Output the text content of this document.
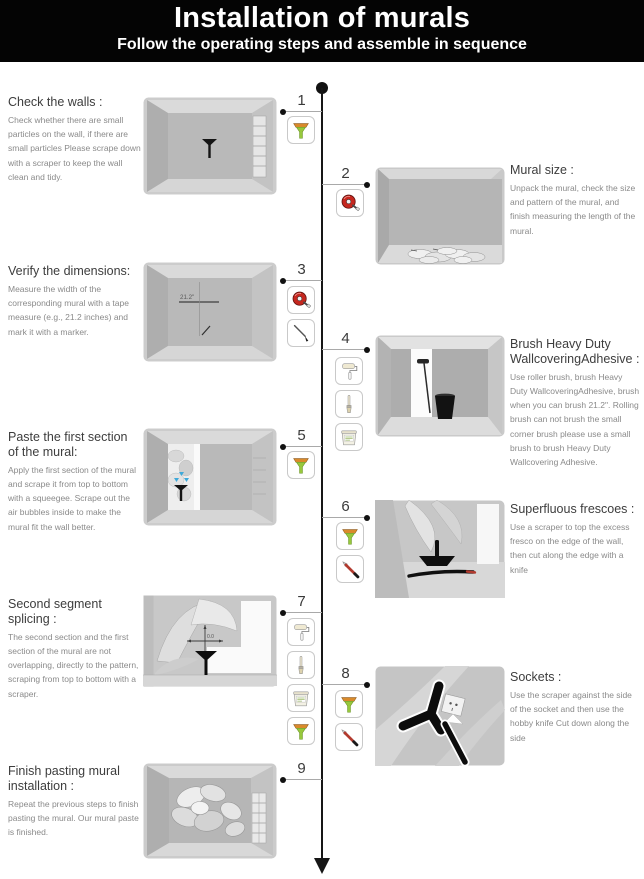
Installation of murals
Follow the operating steps and assemble in sequence
Check the walls :

Check whether there are small particles on the wall, if there are small particles Please scrape down with a scraper to keep the wall clean and tidy.

1
Mural size :

Unpack the mural, check the size and pattern of the mural, and finish measuring the length of the mural.

2
Verify the dimensions:

Measure the width of the corresponding mural with a tape measure (e.g., 21.2 inches) and mark it with a marker.

21.2"
3
Brush Heavy Duty WallcoveringAdhesive :

Use roller brush, brush Heavy Duty WallcoveringAdhesive, brush when you can brush 21.2". Rolling brush can not brush the small corner brush please use a small brush to brush Heavy Duty Wallcovering Adhesive.

4
Paste the first section of the mural:

Apply the first section of the mural and scrape it from top to bottom with a squeegee. Scrape out the air bubbles inside to make the mural fit the wall better.

5
Superfluous frescoes :

Use a scraper to top the excess fresco on the edge of the wall, then cut along the edge with a knife

6
Second segment splicing :

The second section and the first section of the mural are not overlapping, directly to the pattern, scraping from top to bottom with a scraper.

0.0
7
Sockets :

Use the scraper against the side of the socket and then use the hobby knife Cut down along the side

8
Finish pasting mural installation :

Repeat the previous steps to finish pasting the mural. Our mural paste is finished.

9
